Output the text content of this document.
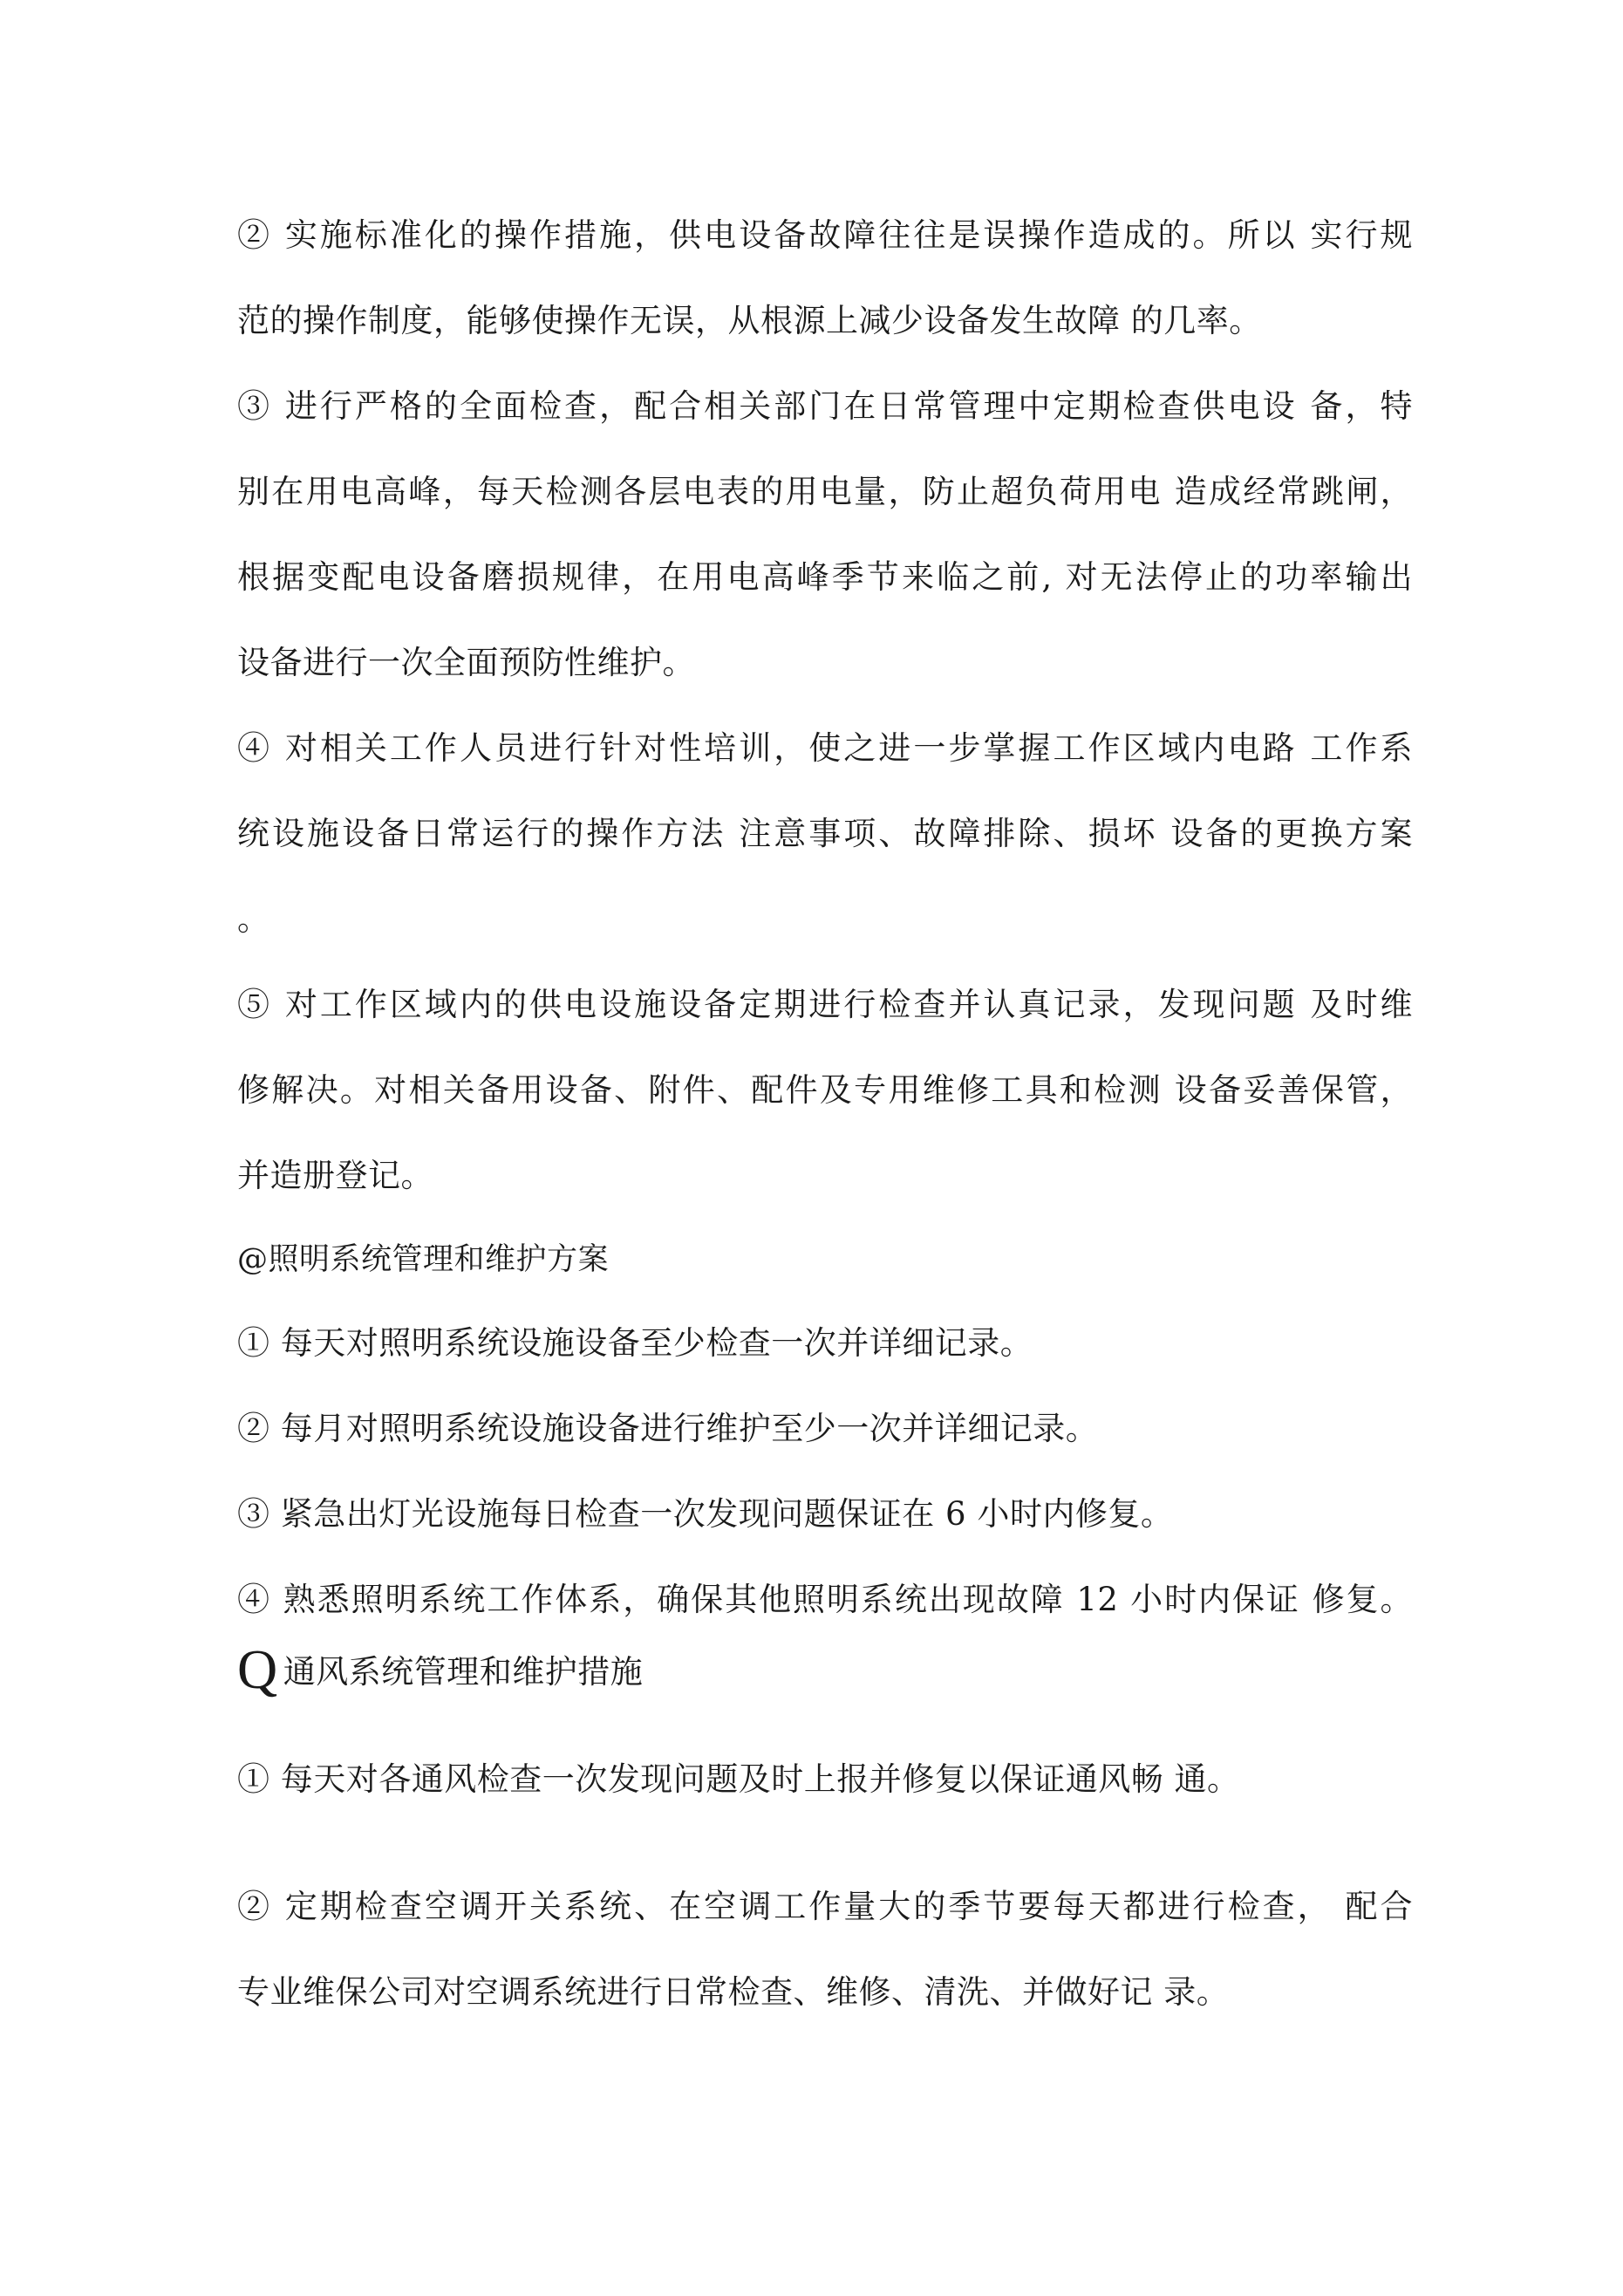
② 实施标准化的操作措施，供电设备故障往往是误操作造成的。所以 实行规

范的操作制度，能够使操作无误，从根源上减少设备发生故障 的几率。

③ 进行严格的全面检查，配合相关部门在日常管理中定期检查供电设 备，特

别在用电高峰，每天检测各层电表的用电量，防止超负荷用电 造成经常跳闸，

根据变配电设备磨损规律，在用电高峰季节来临之前, 对无法停止的功率输出

设备进行一次全面预防性维护。

④ 对相关工作人员进行针对性培训，使之进一步掌握工作区域内电路 工作系

统设施设备日常运行的操作方法 注意事项、故障排除、损坏 设备的更换方案

。

⑤ 对工作区域内的供电设施设备定期进行检查并认真记录，发现问题 及时维

修解决。对相关备用设备、附件、配件及专用维修工具和检测 设备妥善保管，

并造册登记。

@照明系统管理和维护方案

① 每天对照明系统设施设备至少检查一次并详细记录。

② 每月对照明系统设施设备进行维护至少一次并详细记录。

③ 紧急出灯光设施每日检查一次发现问题保证在 6 小时内修复。

④ 熟悉照明系统工作体系，确保其他照明系统出现故障 12 小时内保证 修复。

Q通风系统管理和维护措施

① 每天对各通风检查一次发现问题及时上报并修复以保证通风畅 通。

② 定期检查空调开关系统、在空调工作量大的季节要每天都进行检查， 配合

专业维保公司对空调系统进行日常检查、维修、清洗、并做好记 录。
